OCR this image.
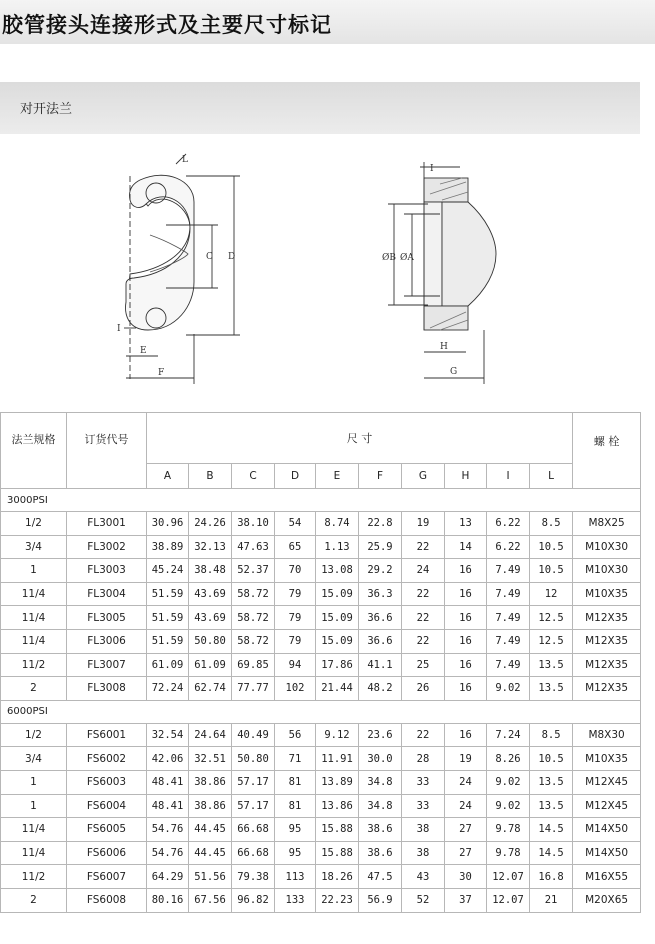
胶管接头连接形式及主要尺寸标记
对开法兰
L
C D
I
E
F
ØB ØA
I
H
G
法兰规格	订货代号	尺 寸										螺 栓
		A	B	C	D	E	F	G	H	I	L	
3000PSI												
1/2	FL3001	30.96	24.26	38.10	54	8.74	22.8	19	13	6.22	8.5	M8X25
3/4	FL3002	38.89	32.13	47.63	65	1.13	25.9	22	14	6.22	10.5	M10X30
1	FL3003	45.24	38.48	52.37	70	13.08	29.2	24	16	7.49	10.5	M10X30
11/4	FL3004	51.59	43.69	58.72	79	15.09	36.3	22	16	7.49	12	M10X35
11/4	FL3005	51.59	43.69	58.72	79	15.09	36.6	22	16	7.49	12.5	M12X35
11/4	FL3006	51.59	50.80	58.72	79	15.09	36.6	22	16	7.49	12.5	M12X35
11/2	FL3007	61.09	61.09	69.85	94	17.86	41.1	25	16	7.49	13.5	M12X35
2	FL3008	72.24	62.74	77.77	102	21.44	48.2	26	16	9.02	13.5	M12X35
6000PSI												
1/2	FS6001	32.54	24.64	40.49	56	9.12	23.6	22	16	7.24	8.5	M8X30
3/4	FS6002	42.06	32.51	50.80	71	11.91	30.0	28	19	8.26	10.5	M10X35
1	FS6003	48.41	38.86	57.17	81	13.89	34.8	33	24	9.02	13.5	M12X45
1	FS6004	48.41	38.86	57.17	81	13.86	34.8	33	24	9.02	13.5	M12X45
11/4	FS6005	54.76	44.45	66.68	95	15.88	38.6	38	27	9.78	14.5	M14X50
11/4	FS6006	54.76	44.45	66.68	95	15.88	38.6	38	27	9.78	14.5	M14X50
11/2	FS6007	64.29	51.56	79.38	113	18.26	47.5	43	30	12.07	16.8	M16X55
2	FS6008	80.16	67.56	96.82	133	22.23	56.9	52	37	12.07	21	M20X65
